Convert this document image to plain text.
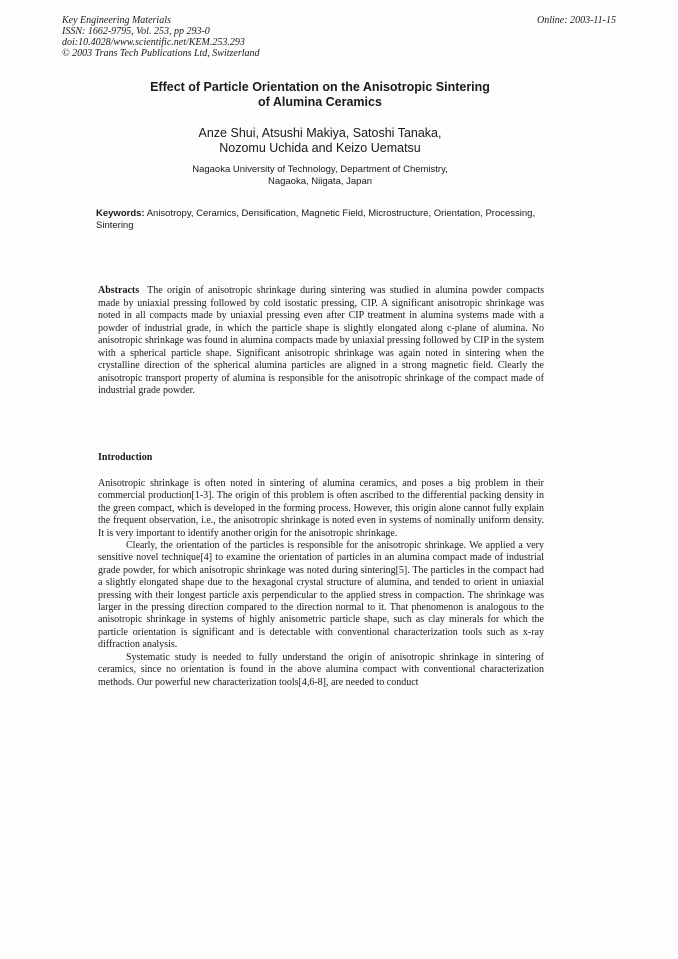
Key Engineering Materials
ISSN: 1662-9795, Vol. 253, pp 293-0
doi:10.4028/www.scientific.net/KEM.253.293
© 2003 Trans Tech Publications Ltd, Switzerland
Online: 2003-11-15
Effect of Particle Orientation on the Anisotropic Sintering
of Alumina Ceramics
Anze Shui, Atsushi Makiya, Satoshi Tanaka,
Nozomu Uchida and Keizo Uematsu
Nagaoka University of Technology, Department of Chemistry,
Nagaoka, Niigata, Japan
Keywords: Anisotropy, Ceramics, Densification, Magnetic Field, Microstructure, Orientation, Processing, Sintering
Abstracts The origin of anisotropic shrinkage during sintering was studied in alumina powder compacts made by uniaxial pressing followed by cold isostatic pressing, CIP. A significant anisotropic shrinkage was noted in all compacts made by uniaxial pressing even after CIP treatment in alumina systems made with a powder of industrial grade, in which the particle shape is slightly elongated along c-plane of alumina. No anisotropic shrinkage was found in alumina compacts made by uniaxial pressing followed by CIP in the system with a spherical particle shape. Significant anisotropic shrinkage was again noted in sintering when the crystalline direction of the spherical alumina particles are aligned in a strong magnetic field. Clearly the anisotropic transport property of alumina is responsible for the anisotropic shrinkage of the compact made of industrial grade powder.
Introduction

Anisotropic shrinkage is often noted in sintering of alumina ceramics, and poses a big problem in their commercial production[1-3]. The origin of this problem is often ascribed to the differential packing density in the green compact, which is developed in the forming process. However, this origin alone cannot fully explain the frequent observation, i.e., the anisotropic shrinkage is noted even in systems of nominally uniform density. It is very important to identify another origin for the anisotropic shrinkage.

Clearly, the orientation of the particles is responsible for the anisotropic shrinkage. We applied a very sensitive novel technique[4] to examine the orientation of particles in an alumina compact made of industrial grade powder, for which anisotropic shrinkage was noted during sintering[5]. The particles in the compact had a slightly elongated shape due to the hexagonal crystal structure of alumina, and tended to orient in uniaxial pressing with their longest particle axis perpendicular to the applied stress in compaction. The shrinkage was larger in the pressing direction compared to the direction normal to it. That phenomenon is analogous to the anisotropic shrinkage in systems of highly anisometric particle shape, such as clay minerals for which the particle orientation is significant and is detectable with conventional characterization tools such as x-ray diffraction analysis.

Systematic study is needed to fully understand the origin of anisotropic shrinkage in sintering of ceramics, since no orientation is found in the above alumina compact with conventional characterization methods. Our powerful new characterization tools[4,6-8], are needed to conduct
